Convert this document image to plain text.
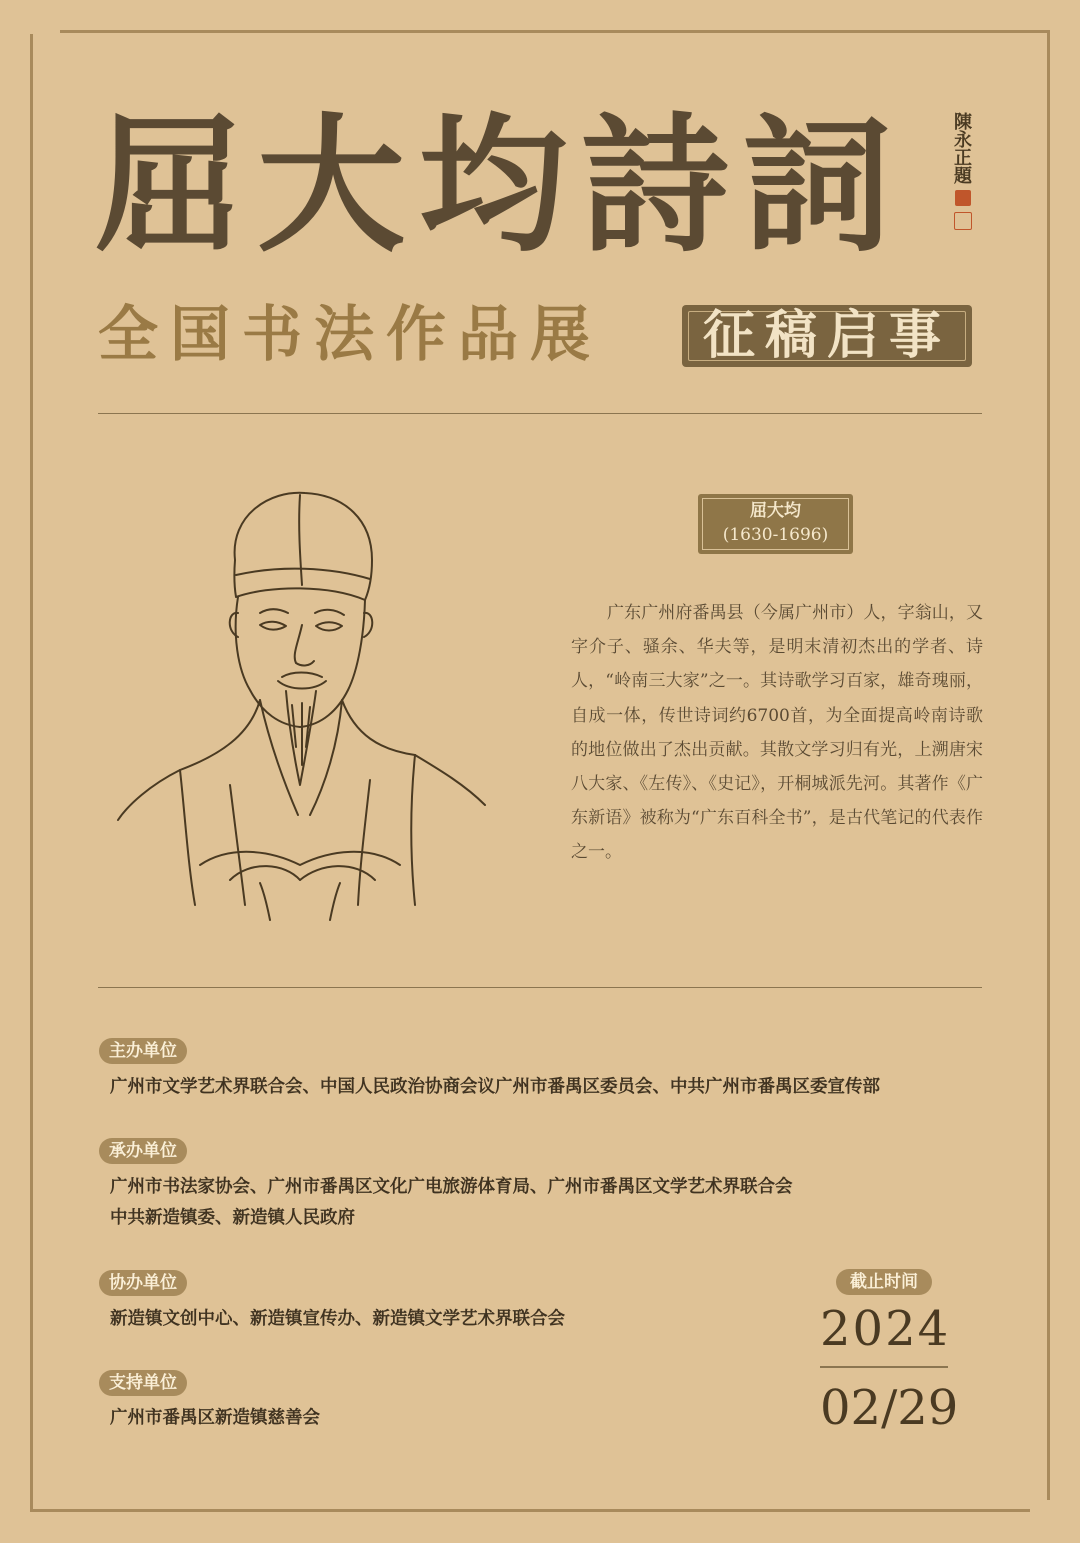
屈大均詩詞	陳永正題
全国书法作品展 征稿启事
屈大均
(1630-1696)
广东广州府番禺县（今属广州市）人，字翁山，又字介子、骚余、华夫等，是明末清初杰出的学者、诗人，“岭南三大家”之一。其诗歌学习百家，雄奇瑰丽，自成一体，传世诗词约6700首，为全面提高岭南诗歌的地位做出了杰出贡献。其散文学习归有光，上溯唐宋八大家、《左传》、《史记》，开桐城派先河。其著作《广东新语》被称为“广东百科全书”，是古代笔记的代表作之一。
主办单位
广州市文学艺术界联合会、中国人民政治协商会议广州市番禺区委员会、中共广州市番禺区委宣传部
承办单位
广州市书法家协会、广州市番禺区文化广电旅游体育局、广州市番禺区文学艺术界联合会
中共新造镇委、新造镇人民政府
协办单位
新造镇文创中心、新造镇宣传办、新造镇文学艺术界联合会
支持单位
广州市番禺区新造镇慈善会
截止时间
2024
02/29
